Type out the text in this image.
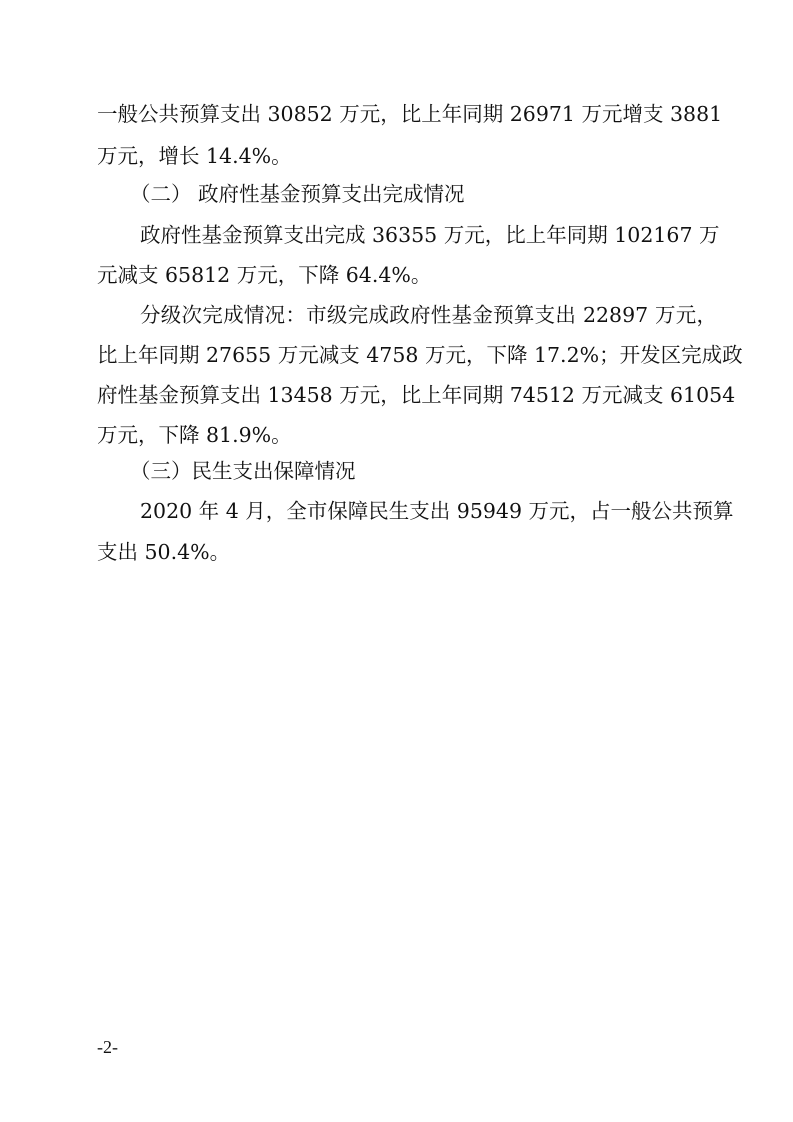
一般公共预算支出 30852 万元，比上年同期 26971 万元增支 3881
万元，增长 14.4%。
（二） 政府性基金预算支出完成情况
政府性基金预算支出完成 36355 万元，比上年同期 102167 万
元减支 65812 万元，下降 64.4%。
分级次完成情况：市级完成政府性基金预算支出 22897 万元，
比上年同期 27655 万元减支 4758 万元，下降 17.2%；开发区完成政
府性基金预算支出 13458 万元，比上年同期 74512 万元减支 61054
万元，下降 81.9%。
（三）民生支出保障情况
2020 年 4 月，全市保障民生支出 95949 万元，占一般公共预算
支出 50.4%。
-2-
